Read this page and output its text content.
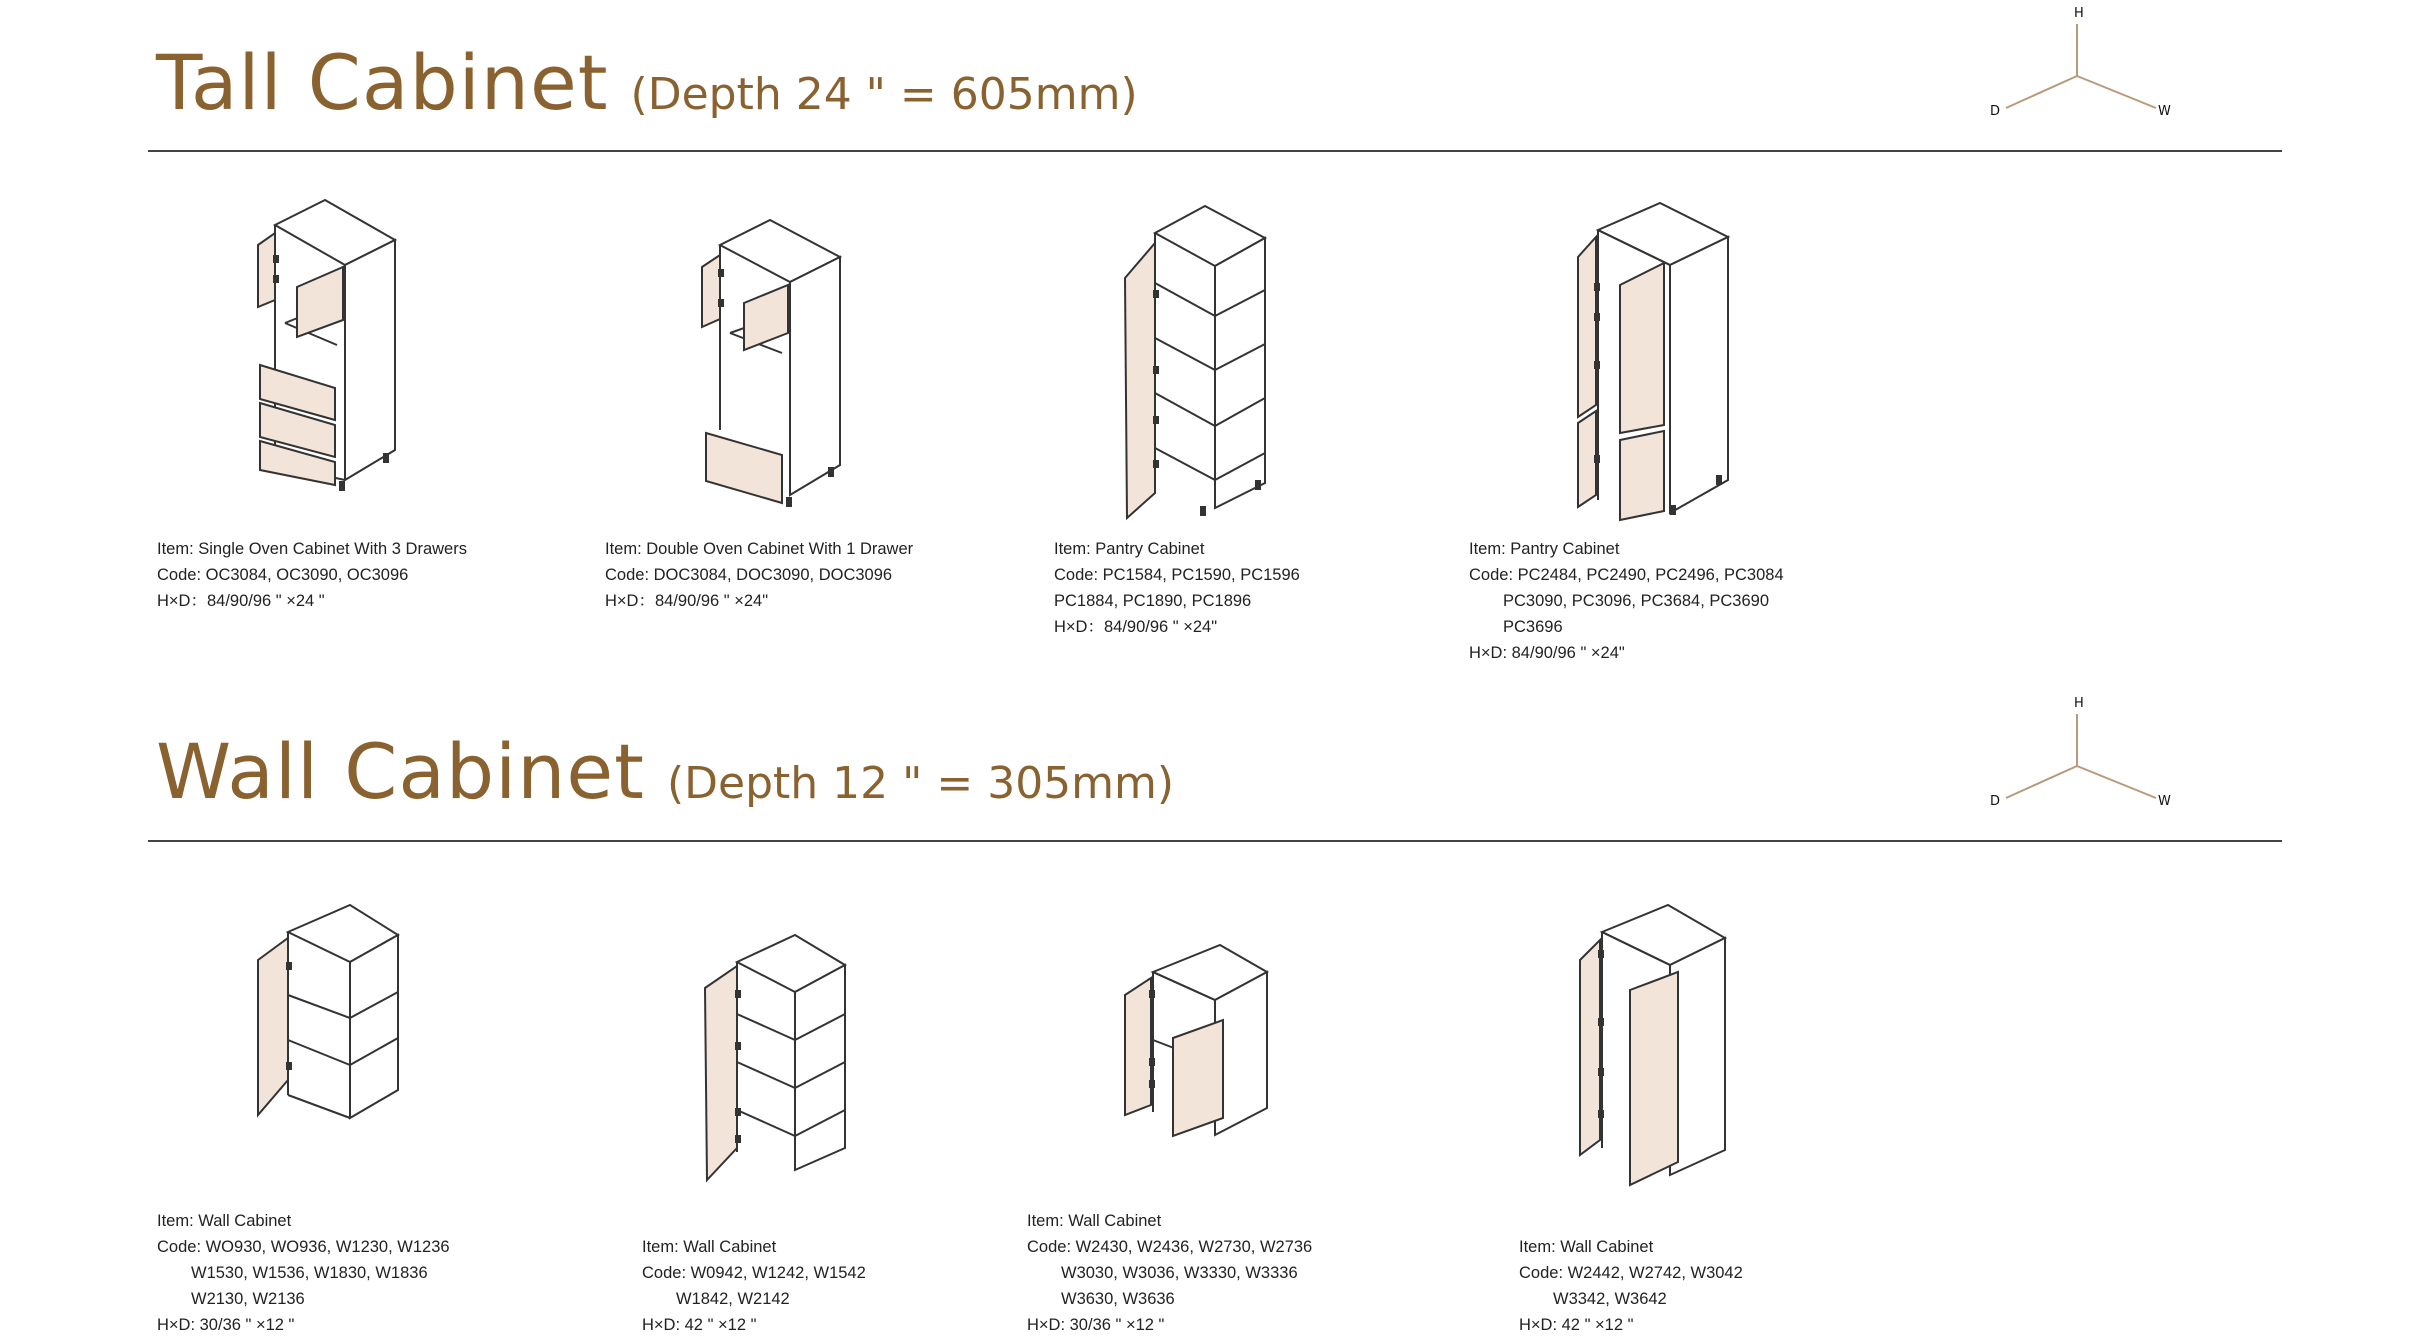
Tall Cabinet (Depth 24 " = 605mm)
H
D	W
Item: Single Oven Cabinet With 3 Drawers
Code: OC3084, OC3090, OC3096
H×D：84/90/96 " ×24 "
Item: Double Oven Cabinet With 1 Drawer
Code: DOC3084, DOC3090, DOC3096
H×D：84/90/96 " ×24"
Item: Pantry Cabinet
Code: PC1584, PC1590, PC1596
PC1884, PC1890, PC1896
H×D：84/90/96 " ×24"
Item: Pantry Cabinet
Code: PC2484, PC2490, PC2496, PC3084
PC3090, PC3096, PC3684, PC3690
PC3696
H×D: 84/90/96 " ×24"
Wall Cabinet (Depth 12 " = 305mm)
H
D	W
Item: Wall Cabinet
Code: WO930, WO936, W1230, W1236
W1530, W1536, W1830, W1836
W2130, W2136
H×D: 30/36 " ×12 "
Item: Wall Cabinet
Code: W0942, W1242, W1542
W1842, W2142
H×D: 42 " ×12 "
Item: Wall Cabinet
Code: W2430, W2436, W2730, W2736
W3030, W3036, W3330, W3336
W3630, W3636
H×D: 30/36 " ×12 "
Item: Wall Cabinet
Code: W2442, W2742, W3042
W3342, W3642
H×D: 42 " ×12 "
